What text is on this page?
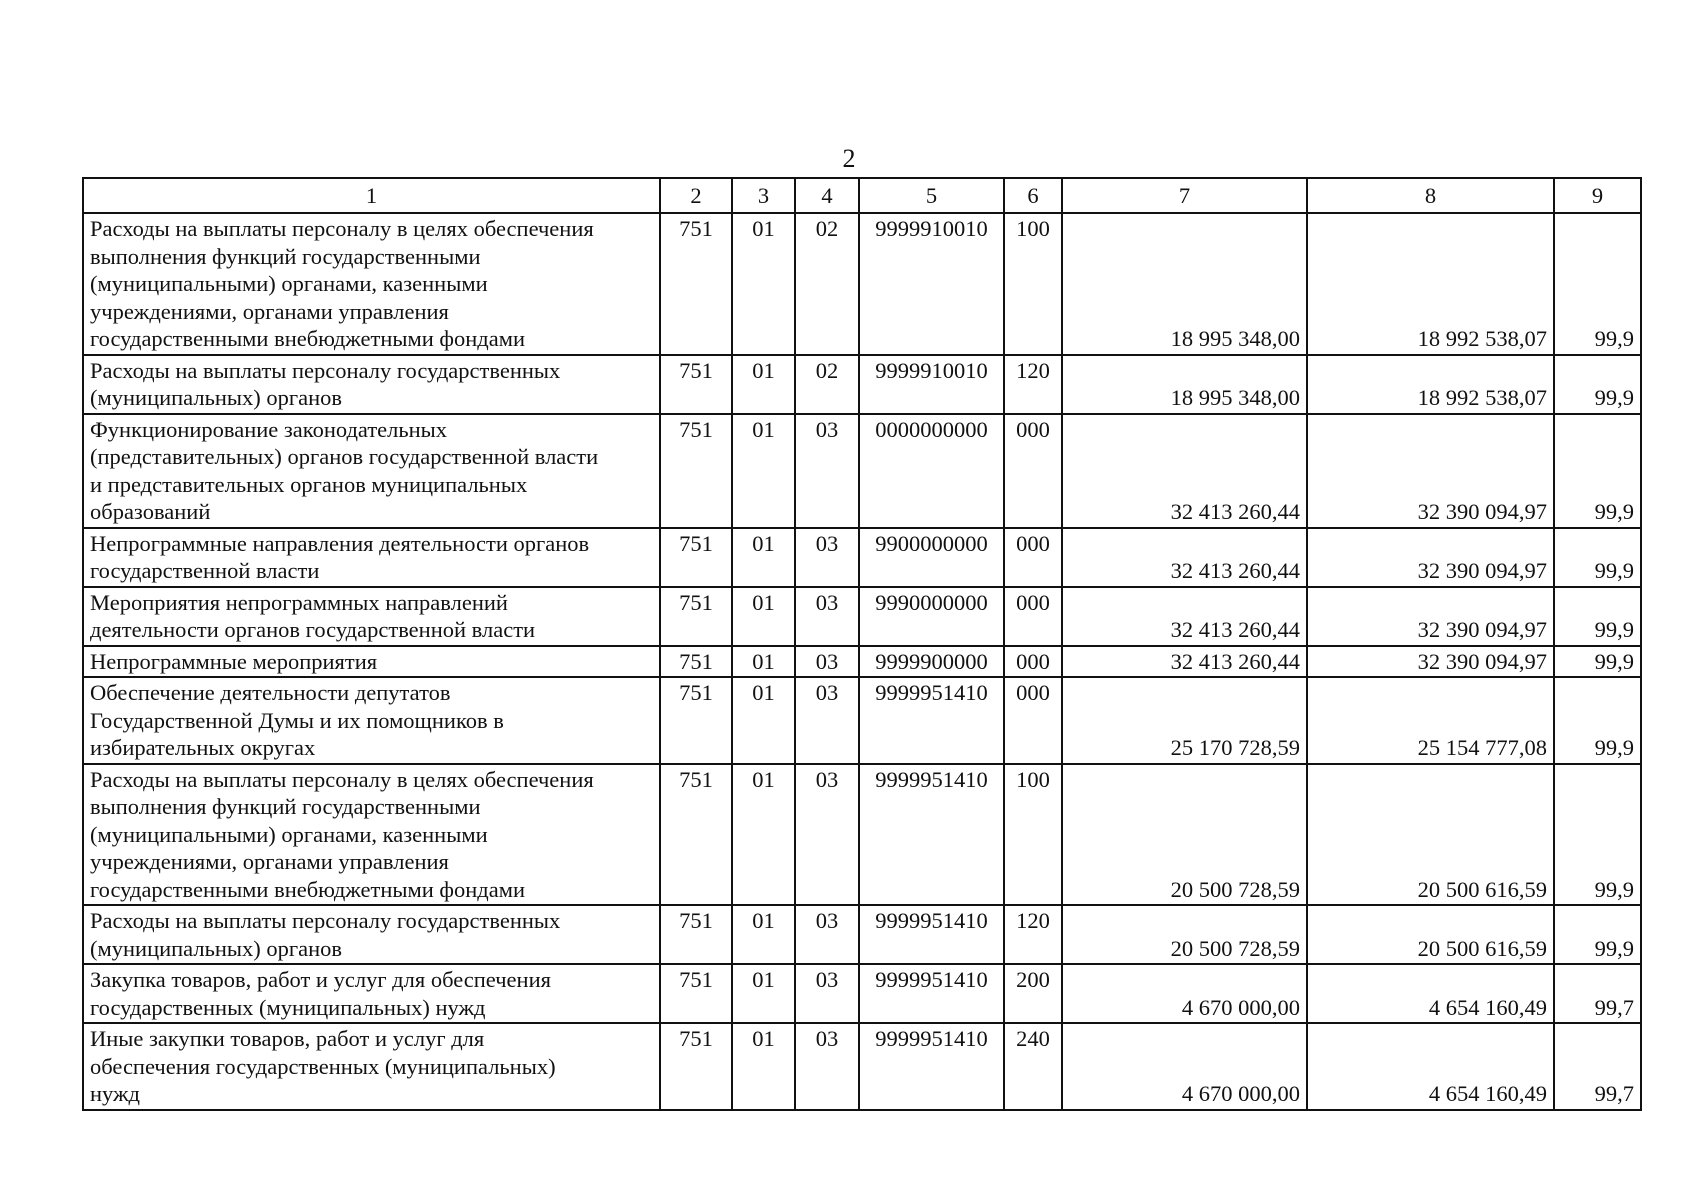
2
1	2	3	4	5	6	7	8	9

Расходы на выплаты персоналу в целях обеспечения
выполнения функций государственными
(муниципальными) органами, казенными
учреждениями, органами управления
государственными внебюджетными фондами	751	01	02	9999910010	100	18 995 348,00	18 992 538,07	99,9

Расходы на выплаты персоналу государственных
(муниципальных) органов	751	01	02	9999910010	120	18 995 348,00	18 992 538,07	99,9

Функционирование законодательных
(представительных) органов государственной власти
и представительных органов муниципальных
образований	751	01	03	0000000000	000	32 413 260,44	32 390 094,97	99,9

Непрограммные направления деятельности органов
государственной власти	751	01	03	9900000000	000	32 413 260,44	32 390 094,97	99,9

Мероприятия непрограммных направлений
деятельности органов государственной власти	751	01	03	9990000000	000	32 413 260,44	32 390 094,97	99,9

Непрограммные мероприятия	751	01	03	9999900000	000	32 413 260,44	32 390 094,97	99,9

Обеспечение деятельности депутатов
Государственной Думы и их помощников в
избирательных округах	751	01	03	9999951410	000	25 170 728,59	25 154 777,08	99,9

Расходы на выплаты персоналу в целях обеспечения
выполнения функций государственными
(муниципальными) органами, казенными
учреждениями, органами управления
государственными внебюджетными фондами	751	01	03	9999951410	100	20 500 728,59	20 500 616,59	99,9

Расходы на выплаты персоналу государственных
(муниципальных) органов	751	01	03	9999951410	120	20 500 728,59	20 500 616,59	99,9

Закупка товаров, работ и услуг для обеспечения
государственных (муниципальных) нужд	751	01	03	9999951410	200	4 670 000,00	4 654 160,49	99,7

Иные закупки товаров, работ и услуг для
обеспечения государственных (муниципальных)
нужд	751	01	03	9999951410	240	4 670 000,00	4 654 160,49	99,7
